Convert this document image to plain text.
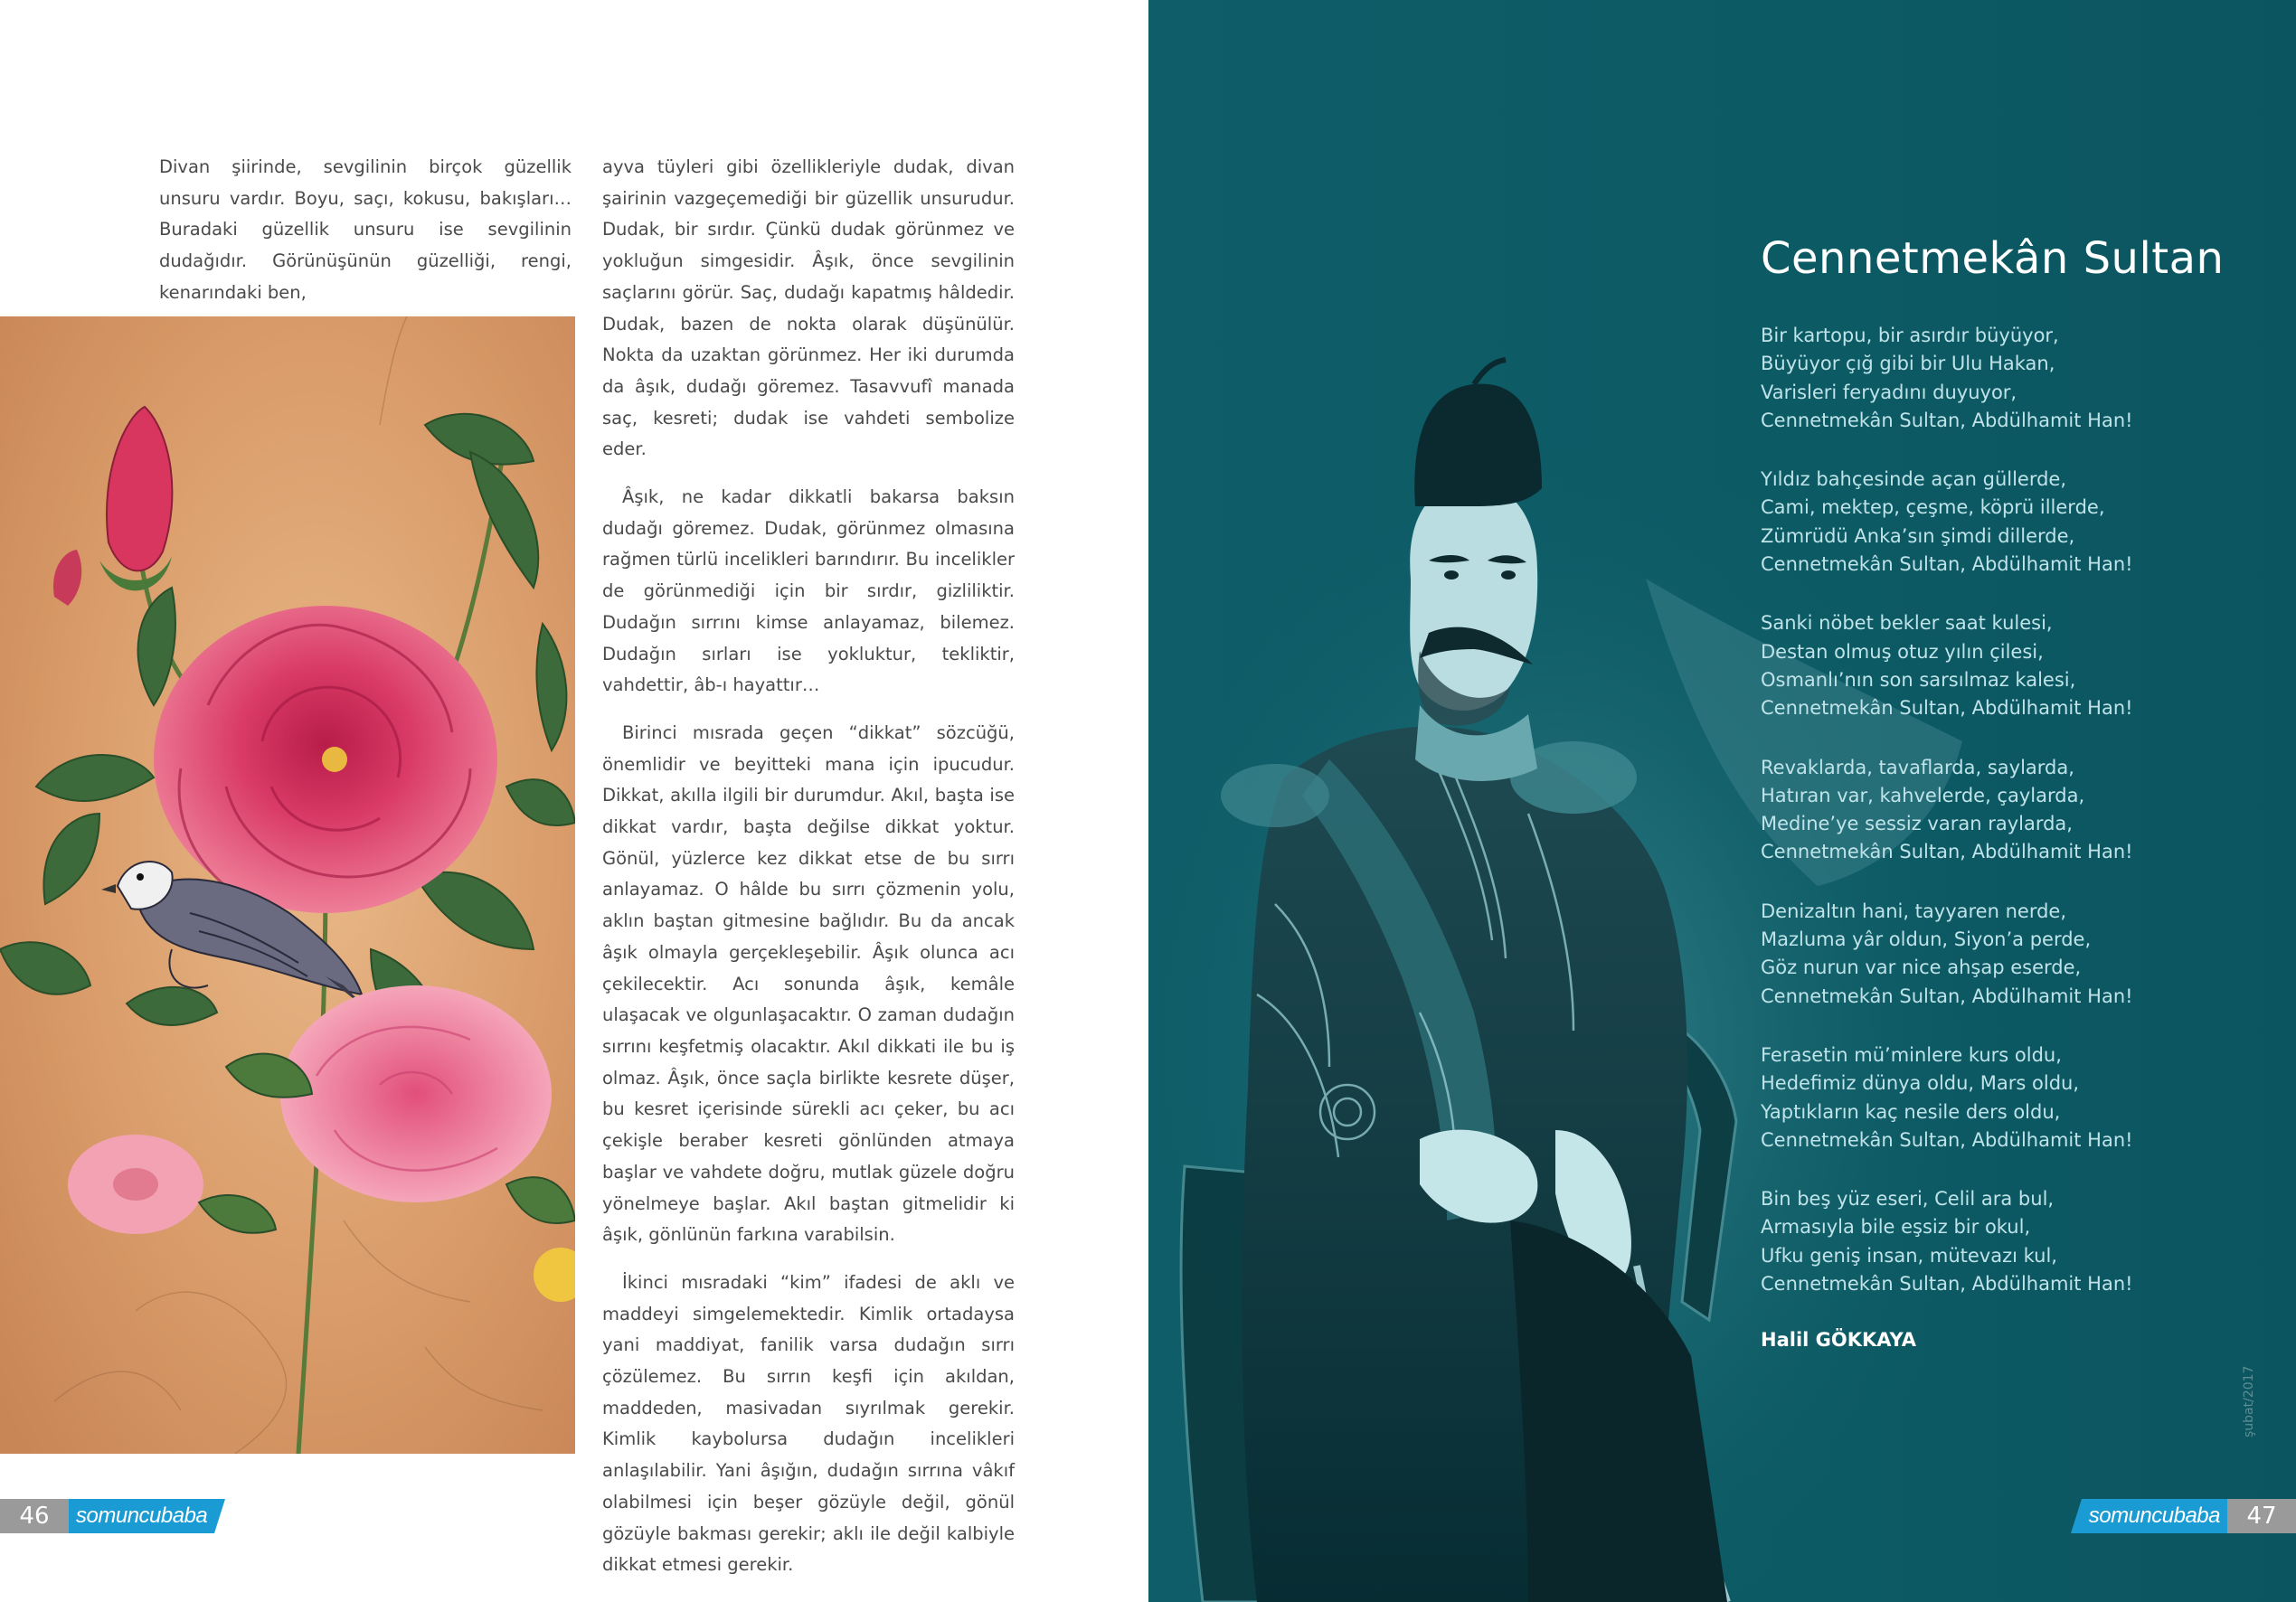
Divan şiirinde, sevgilinin birçok güzellik unsuru vardır. Boyu, saçı, kokusu, bakışları… Buradaki güzellik unsuru ise sevgilinin dudağıdır. Görünüşünün güzelliği, rengi, kenarındaki ben,

ayva tüyleri gibi özellikleriyle dudak, divan şairinin vazgeçemediği bir güzellik unsurudur. Dudak, bir sırdır. Çünkü dudak görünmez ve yokluğun simgesidir. Âşık, önce sevgilinin saçlarını görür. Saç, dudağı kapatmış hâldedir. Dudak, bazen de nokta olarak düşünülür. Nokta da uzaktan görünmez. Her iki durumda da âşık, dudağı göremez. Tasavvufî manada saç, kesreti; dudak ise vahdeti sembolize eder.

Âşık, ne kadar dikkatli bakarsa baksın dudağı göremez. Dudak, görünmez olmasına rağmen türlü incelikleri barındırır. Bu incelikler de görünmediği için bir sırdır, gizliliktir. Dudağın sırrını kimse anlayamaz, bilemez. Dudağın sırları ise yokluktur, tekliktir, vahdettir, âb-ı hayattır…

Birinci mısrada geçen “dikkat” sözcüğü, önemlidir ve beyitteki mana için ipucudur. Dikkat, akılla ilgili bir durumdur. Akıl, başta ise dikkat vardır, başta değilse dikkat yoktur. Gönül, yüzlerce kez dikkat etse de bu sırrı anlayamaz. O hâlde bu sırrı çözmenin yolu, aklın baştan gitmesine bağlıdır. Bu da ancak âşık olmayla gerçekleşebilir. Âşık olunca acı çekilecektir. Acı sonunda âşık, kemâle ulaşacak ve olgunlaşacaktır. O zaman dudağın sırrını keşfetmiş olacaktır. Akıl dikkati ile bu iş olmaz. Âşık, önce saçla birlikte kesrete düşer, bu kesret içerisinde sürekli acı çeker, bu acı çekişle beraber kesreti gönlünden atmaya başlar ve vahdete doğru, mutlak güzele doğru yönelmeye başlar. Akıl baştan gitmelidir ki âşık, gönlünün farkına varabilsin.

İkinci mısradaki “kim” ifadesi de aklı ve maddeyi simgelemektedir. Kimlik ortadaysa yani maddiyat, fanilik varsa dudağın sırrı çözülemez. Bu sırrın keşfi için akıldan, maddeden, masivadan sıyrılmak gerekir. Kimlik kaybolursa dudağın incelikleri anlaşılabilir. Yani âşığın, dudağın sırrına vâkıf olabilmesi için beşer gözüyle değil, gönül gözüyle bakması gerekir; aklı ile değil kalbiyle dikkat etmesi gerekir.

46	somuncubaba
Cennetmekân Sultan
Bir kartopu, bir asırdır büyüyor,
Büyüyor çığ gibi bir Ulu Hakan,
Varisleri feryadını duyuyor,
Cennetmekân Sultan, Abdülhamit Han!
Yıldız bahçesinde açan güllerde,
Cami, mektep, çeşme, köprü illerde,
Zümrüdü Anka’sın şimdi dillerde,
Cennetmekân Sultan, Abdülhamit Han!
Sanki nöbet bekler saat kulesi,
Destan olmuş otuz yılın çilesi,
Osmanlı’nın son sarsılmaz kalesi,
Cennetmekân Sultan, Abdülhamit Han!
Revaklarda, tavaflarda, saylarda,
Hatıran var, kahvelerde, çaylarda,
Medine’ye sessiz varan raylarda,
Cennetmekân Sultan, Abdülhamit Han!
Denizaltın hani, tayyaren nerde,
Mazluma yâr oldun, Siyon’a perde,
Göz nurun var nice ahşap eserde,
Cennetmekân Sultan, Abdülhamit Han!
Ferasetin mü’minlere kurs oldu,
Hedefimiz dünya oldu, Mars oldu,
Yaptıkların kaç nesile ders oldu,
Cennetmekân Sultan, Abdülhamit Han!
Bin beş yüz eseri, Celil ara bul,
Armasıyla bile eşsiz bir okul,
Ufku geniş insan, mütevazı kul,
Cennetmekân Sultan, Abdülhamit Han!
Halil GÖKKAYA
şubat/2017
somuncubaba	47
